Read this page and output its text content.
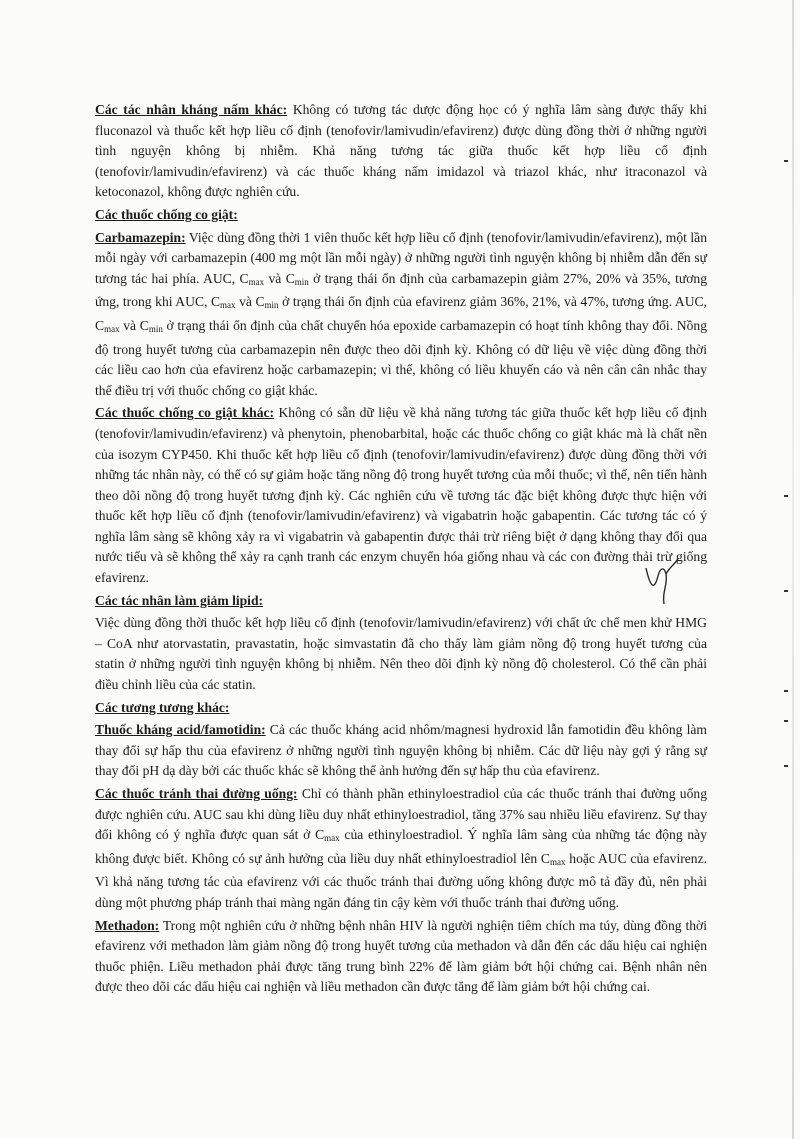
Các tác nhân kháng nấm khác: Không có tương tác dược động học có ý nghĩa lâm sàng được thấy khi fluconazol và thuốc kết hợp liều cố định (tenofovir/lamivudin/efavirenz) được dùng đồng thời ở những người tình nguyện không bị nhiễm. Khả năng tương tác giữa thuốc kết hợp liều cố định (tenofovir/lamivudin/efavirenz) và các thuốc kháng nấm imidazol và triazol khác, như itraconazol và ketoconazol, không được nghiên cứu.

Các thuốc chống co giật:

Carbamazepin: Việc dùng đồng thời 1 viên thuốc kết hợp liều cố định (tenofovir/lamivudin/efavirenz), một lần mỗi ngày với carbamazepin (400 mg một lần mỗi ngày) ở những người tình nguyện không bị nhiễm dẫn đến sự tương tác hai phía. AUC, $C_{max}$ và $C_{min}$ ở trạng thái ổn định của carbamazepin giảm 27%, 20% và 35%, tương ứng, trong khi AUC, $C_{max}$ và $C_{min}$ ở trạng thái ổn định của efavirenz giảm 36%, 21%, và 47%, tương ứng. AUC, $C_{max}$ và $C_{min}$ ở trạng thái ổn định của chất chuyển hóa epoxide carbamazepin có hoạt tính không thay đổi. Nồng độ trong huyết tương của carbamazepin nên được theo dõi định kỳ. Không có dữ liệu về việc dùng đồng thời các liều cao hơn của efavirenz hoặc carbamazepin; vì thế, không có liều khuyến cáo và nên cân cân nhắc thay thế điều trị với thuốc chống co giật khác.

Các thuốc chống co giật khác: Không có sẵn dữ liệu về khả năng tương tác giữa thuốc kết hợp liều cố định (tenofovir/lamivudin/efavirenz) và phenytoin, phenobarbital, hoặc các thuốc chống co giật khác mà là chất nền của isozym CYP450. Khi thuốc kết hợp liều cố định (tenofovir/lamivudin/efavirenz) được dùng đồng thời với những tác nhân này, có thể có sự giảm hoặc tăng nồng độ trong huyết tương của mỗi thuốc; vì thế, nên tiến hành theo dõi nồng độ trong huyết tương định kỳ. Các nghiên cứu về tương tác đặc biệt không được thực hiện với thuốc kết hợp liều cố định (tenofovir/lamivudin/efavirenz) và vigabatrin hoặc gabapentin. Các tương tác có ý nghĩa lâm sàng sẽ không xảy ra vì vigabatrin và gabapentin được thải trừ riêng biệt ở dạng không thay đổi qua nước tiểu và sẽ không thể xảy ra cạnh tranh các enzym chuyển hóa giống nhau và các con đường thải trừ giống efavirenz.

Các tác nhân làm giảm lipid:

Việc dùng đồng thời thuốc kết hợp liều cố định (tenofovir/lamivudin/efavirenz) với chất ức chế men khử HMG – CoA như atorvastatin, pravastatin, hoặc simvastatin đã cho thấy làm giảm nồng độ trong huyết tương của statin ở những người tình nguyện không bị nhiễm. Nên theo dõi định kỳ nồng độ cholesterol. Có thể cần phải điều chỉnh liều của các statin.

Các tương tương khác:

Thuốc kháng acid/famotidin: Cả các thuốc kháng acid nhôm/magnesi hydroxid lẫn famotidin đều không làm thay đổi sự hấp thu của efavirenz ở những người tình nguyện không bị nhiễm. Các dữ liệu này gợi ý rằng sự thay đổi pH dạ dày bởi các thuốc khác sẽ không thể ảnh hưởng đến sự hấp thu của efavirenz.

Các thuốc tránh thai đường uống: Chỉ có thành phần ethinyloestradiol của các thuốc tránh thai đường uống được nghiên cứu. AUC sau khi dùng liều duy nhất ethinyloestradiol, tăng 37% sau nhiều liều efavirenz. Sự thay đổi không có ý nghĩa được quan sát ở $C_{max}$ của ethinyloestradiol. Ý nghĩa lâm sàng của những tác động này không được biết. Không có sự ảnh hưởng của liều duy nhất ethinyloestradiol lên $C_{max}$ hoặc AUC của efavirenz. Vì khả năng tương tác của efavirenz với các thuốc tránh thai đường uống không được mô tả đầy đủ, nên phải dùng một phương pháp tránh thai màng ngăn đáng tin cậy kèm với thuốc tránh thai đường uống.

Methadon: Trong một nghiên cứu ở những bệnh nhân HIV là người nghiện tiêm chích ma túy, dùng đồng thời efavirenz với methadon làm giảm nồng độ trong huyết tương của methadon và dẫn đến các dấu hiệu cai nghiện thuốc phiện. Liều methadon phải được tăng trung bình 22% để làm giảm bớt hội chứng cai. Bệnh nhân nên được theo dõi các dấu hiệu cai nghiện và liều methadon cần được tăng để làm giảm bớt hội chứng cai.
